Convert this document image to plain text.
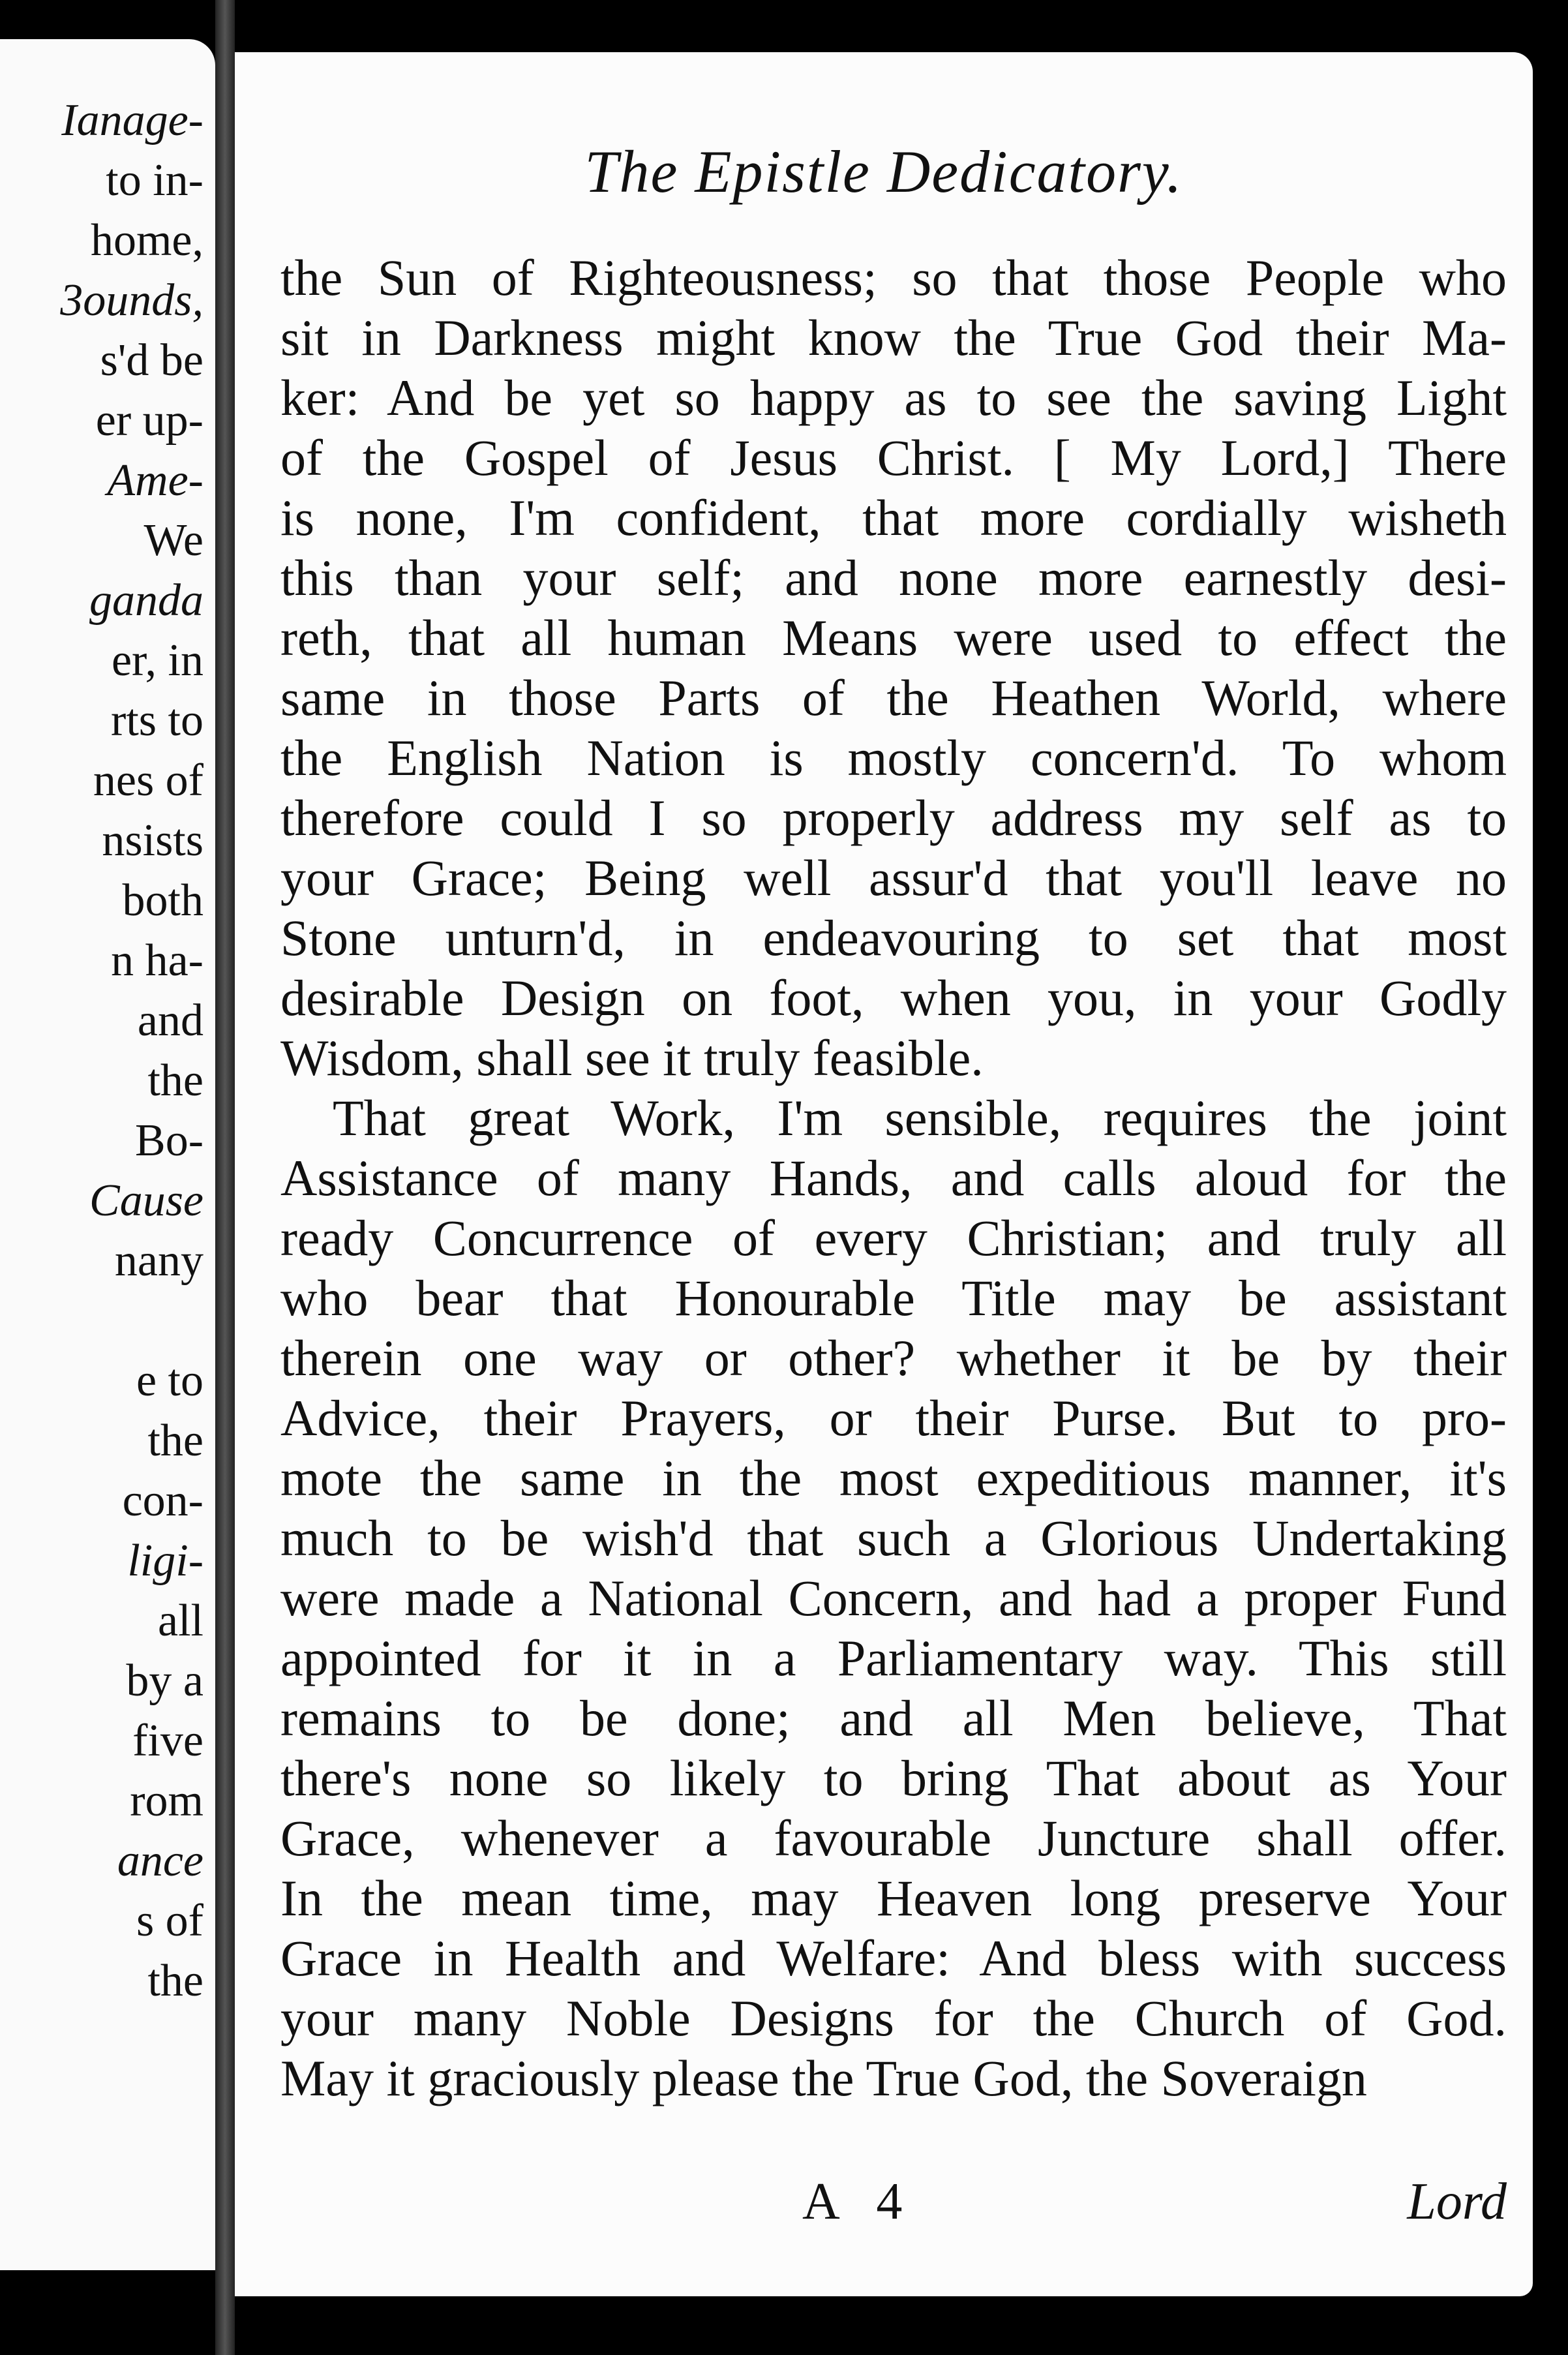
Ianage-
to in-
home,
3ounds,
s'd be
er up-
Ame-
We
ganda
er, in
rts to
nes of
nsists
both
n ha-
and
the
Bo-
Cause
nany
e to
the
con-
ligi-
all
by a
five
rom
ance
s of
the
The Epistle Dedicatory.
the Sun of Righteousness; so that those People who
sit in Darkness might know the True God their Ma-
ker: And be yet so happy as to see the saving Light
of the Gospel of Jesus Christ. [ My Lord,] There
is none, I'm confident, that more cordially wisheth
this than your self; and none more earnestly desi-
reth, that all human Means were used to effect the
same in those Parts of the Heathen World, where
the English Nation is mostly concern'd. To whom
therefore could I so properly address my self as to
your Grace; Being well assur'd that you'll leave no
Stone unturn'd, in endeavouring to set that most
desirable Design on foot, when you, in your Godly
Wisdom, shall see it truly feasible.
That great Work, I'm sensible, requires the joint
Assistance of many Hands, and calls aloud for the
ready Concurrence of every Christian; and truly all
who bear that Honourable Title may be assistant
therein one way or other? whether it be by their
Advice, their Prayers, or their Purse. But to pro-
mote the same in the most expeditious manner, it's
much to be wish'd that such a Glorious Undertaking
were made a National Concern, and had a proper Fund
appointed for it in a Parliamentary way. This still
remains to be done; and all Men believe, That
there's none so likely to bring That about as Your
Grace, whenever a favourable Juncture shall offer.
In the mean time, may Heaven long preserve Your
Grace in Health and Welfare: And bless with success
your many Noble Designs for the Church of God.
May it graciously please the True God, the Soveraign
A 4	Lord
